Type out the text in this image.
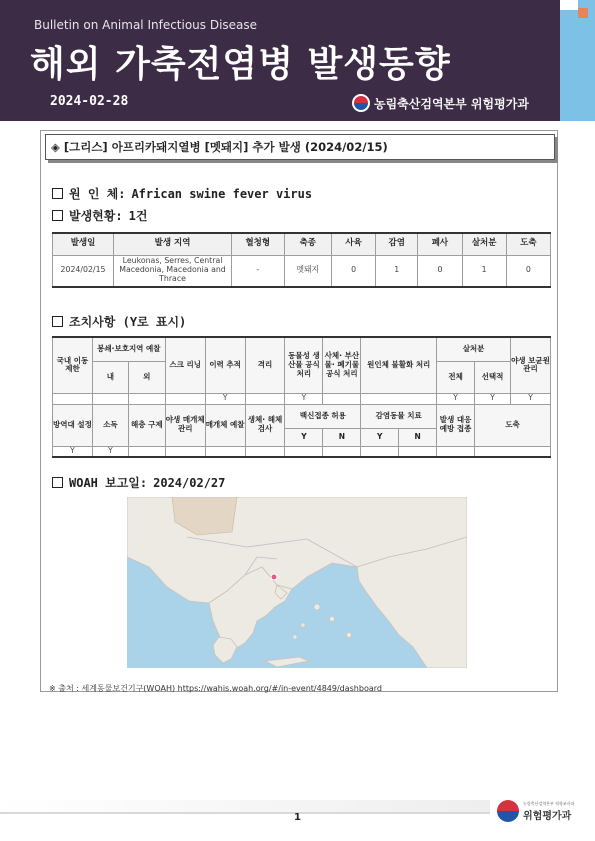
Bulletin on Animal Infectious Disease
해외 가축전염병 발생동향
2024-02-28	농림축산검역본부 위험평가과
◈ [그리스] 아프리카돼지열병 [멧돼지] 추가 발생 (2024/02/15)
원 인 체: African swine fever virus
발생현황: 1건
발생일	발생 지역	혈청형	축종	사육	감염	폐사	살처분	도축
2024/02/15	Leukonas, Serres, Central Macedonia, Macedonia and Thrace	-	멧돼지	0	1	0	1	0
조치사항 (Y로 표시)
국내 이동 제한	봉쇄·보호지역 예찰		스크 리닝	이력 추적	격리	동물성 생산물 공식 처리	사체· 부산물· 폐기물 공식 처리	원인체 불활화 처리		살처분		야생 보균원 관리
	내	외								전체	선택적	
				Y		Y				Y	Y	Y
방역대 설정	소독	해충 구제	야생 매개체 관리	매개체 예찰	생체· 해체 검사	백신접종 허용		감염동물 치료		발생 대응 예방 접종	도축	
						Y	N	Y	N			
Y	Y											
WOAH 보고일: 2024/02/27
※ 출처 : 세계동물보건기구(WOAH) https://wahis.woah.org/#/in-event/4849/dashboard
1
농림축산검역본부 역학조사과
위험평가과
